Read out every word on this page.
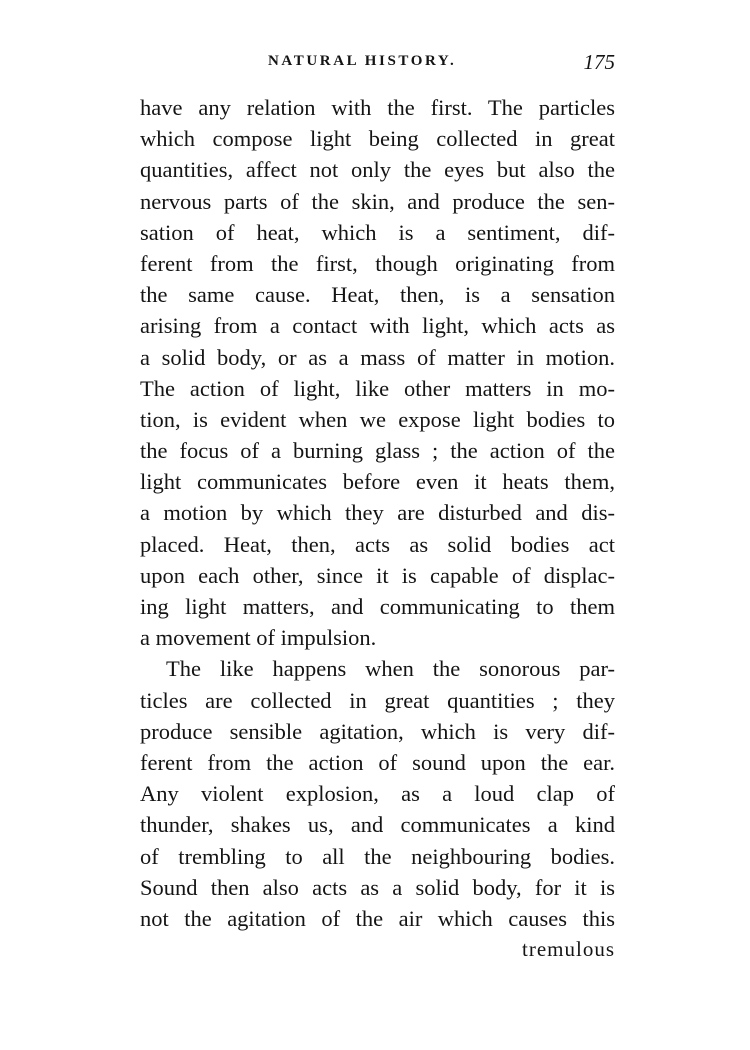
NATURAL HISTORY.	175
have any relation with the first. The particles
which compose light being collected in great
quantities, affect not only the eyes but also the
nervous parts of the skin, and produce the sen-
sation of heat, which is a sentiment, dif-
ferent from the first, though originating from
the same cause. Heat, then, is a sensation
arising from a contact with light, which acts as
a solid body, or as a mass of matter in motion.
The action of light, like other matters in mo-
tion, is evident when we expose light bodies to
the focus of a burning glass ; the action of the
light communicates before even it heats them,
a motion by which they are disturbed and dis-
placed. Heat, then, acts as solid bodies act
upon each other, since it is capable of displac-
ing light matters, and communicating to them
a movement of impulsion.
The like happens when the sonorous par-
ticles are collected in great quantities ; they
produce sensible agitation, which is very dif-
ferent from the action of sound upon the ear.
Any violent explosion, as a loud clap of
thunder, shakes us, and communicates a kind
of trembling to all the neighbouring bodies.
Sound then also acts as a solid body, for it is
not the agitation of the air which causes this
tremulous
